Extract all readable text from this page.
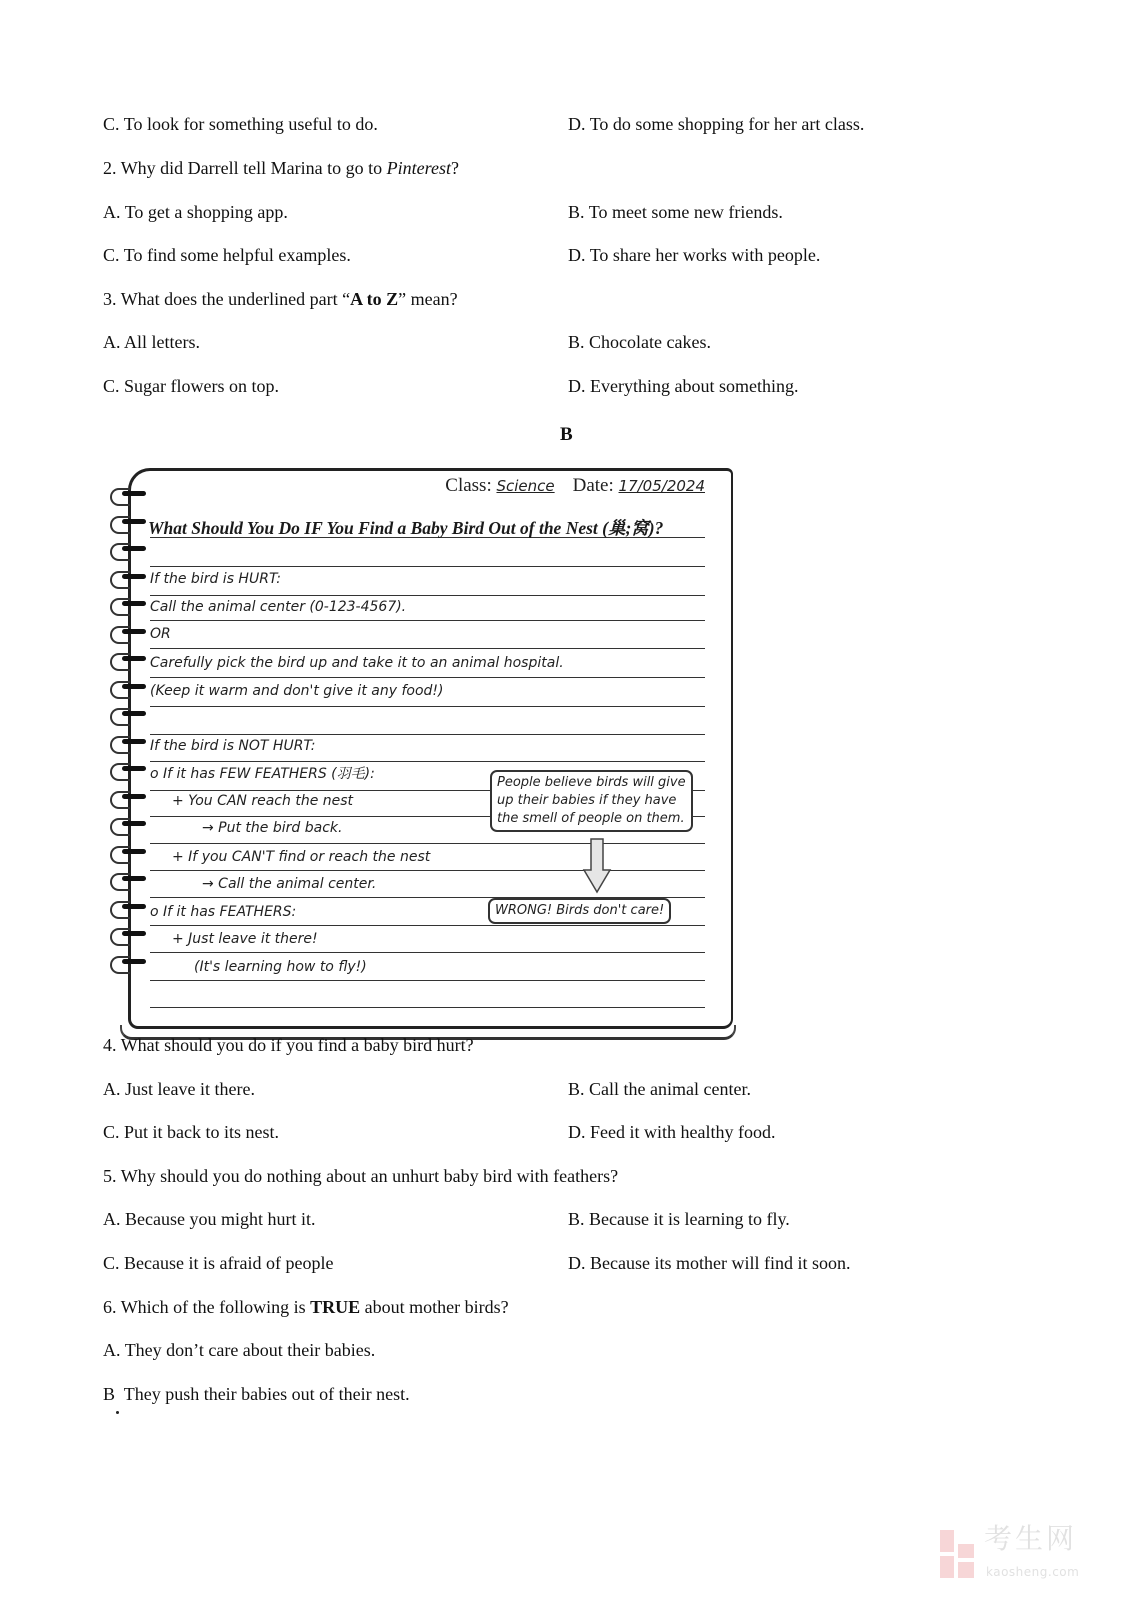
C. To look for something useful to do.	D. To do some shopping for her art class.
2. Why did Darrell tell Marina to go to Pinterest?
A. To get a shopping app.	B. To meet some new friends.
C. To find some helpful examples.	D. To share her works with people.
3. What does the underlined part “A to Z” mean?
A. All letters.	B. Chocolate cakes.
C. Sugar flowers on top.	D. Everything about something.
B
Class: Science Date: 17/05/2024
What Should You Do IF You Find a Baby Bird Out of the Nest (巢;窝)?
If the bird is HURT:
Call the animal center (0-123-4567).
OR
Carefully pick the bird up and take it to an animal hospital.
(Keep it warm and don't give it any food!)
If the bird is NOT HURT:
o If it has FEW FEATHERS (羽毛):
+ You CAN reach the nest
→ Put the bird back.
+ If you CAN'T find or reach the nest
→ Call the animal center.
o If it has FEATHERS:
+ Just leave it there!
(It's learning how to fly!)
People believe birds will give
up their babies if they have
the smell of people on them.
WRONG! Birds don't care!
4. What should you do if you find a baby bird hurt?
A. Just leave it there.	B. Call the animal center.
C. Put it back to its nest.	D. Feed it with healthy food.
5. Why should you do nothing about an unhurt baby bird with feathers?
A. Because you might hurt it.	B. Because it is learning to fly.
C. Because it is afraid of people	D. Because its mother will find it soon.
6. Which of the following is TRUE about mother birds?
A. They don’t care about their babies.
B They push their babies out of their nest.
考生网
kaosheng.com
